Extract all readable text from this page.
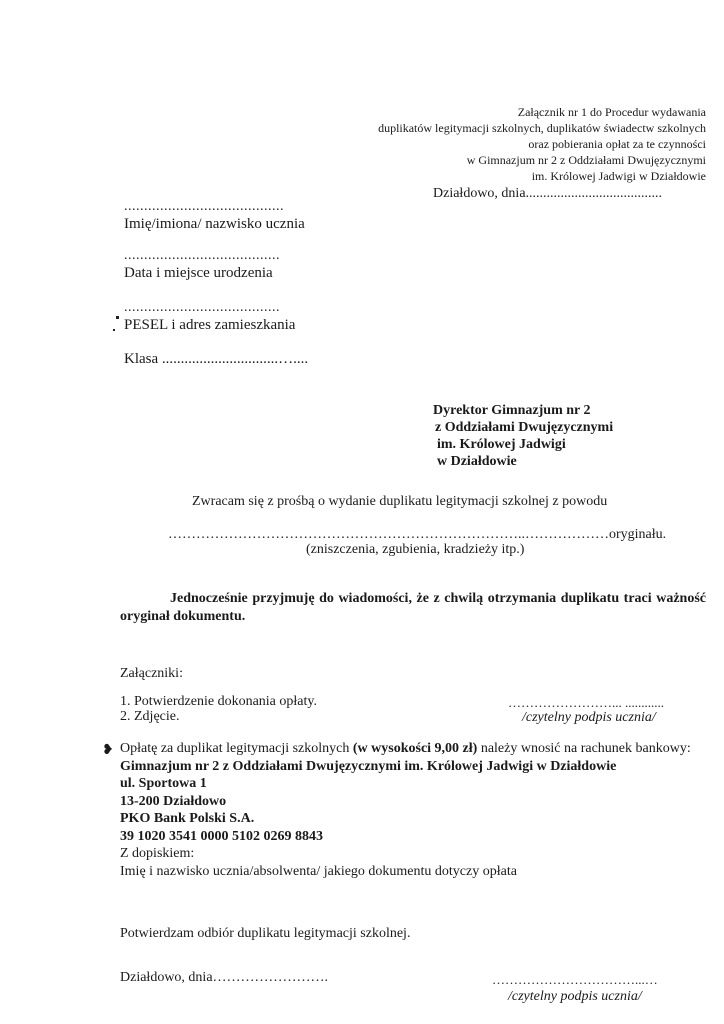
Załącznik nr 1 do Procedur wydawania
duplikatów legitymacji szkolnych, duplikatów świadectw szkolnych
oraz pobierania opłat za te czynności
w Gimnazjum nr 2 z Oddziałami Dwujęzycznymi
im. Królowej Jadwigi w Działdowie
Działdowo, dnia.......................................
........................................
Imię/imiona/ nazwisko ucznia
.......................................
Data i miejsce urodzenia
.......................................
PESEL i adres zamieszkania
Klasa ...............................…....
Dyrektor Gimnazjum nr 2
z Oddziałami Dwujęzycznymi
im. Królowej Jadwigi
w Działdowie
Zwracam się z prośbą o wydanie duplikatu legitymacji szkolnej z powodu
…………………………………………………………………..………………oryginału.
(zniszczenia, zgubienia, kradzieży itp.)
Jednocześnie przyjmuję do wiadomości, że z chwilą otrzymania duplikatu traci ważność oryginał dokumentu.
Załączniki:
1. Potwierdzenie dokonania opłaty.
2. Zdjęcie.
……………………... ............
/czytelny podpis ucznia/
❥ Opłatę za duplikat legitymacji szkolnych (w wysokości 9,00 zł) należy wnosić na rachunek bankowy:
Gimnazjum nr 2 z Oddziałami Dwujęzycznymi im. Królowej Jadwigi w Działdowie
ul. Sportowa 1
13-200 Działdowo
PKO Bank Polski S.A.
39 1020 3541 0000 5102 0269 8843
Z dopiskiem:
Imię i nazwisko ucznia/absolwenta/ jakiego dokumentu dotyczy opłata
Potwierdzam odbiór duplikatu legitymacji szkolnej.
Działdowo, dnia…………………….	……………………………...…
/czytelny podpis ucznia/
